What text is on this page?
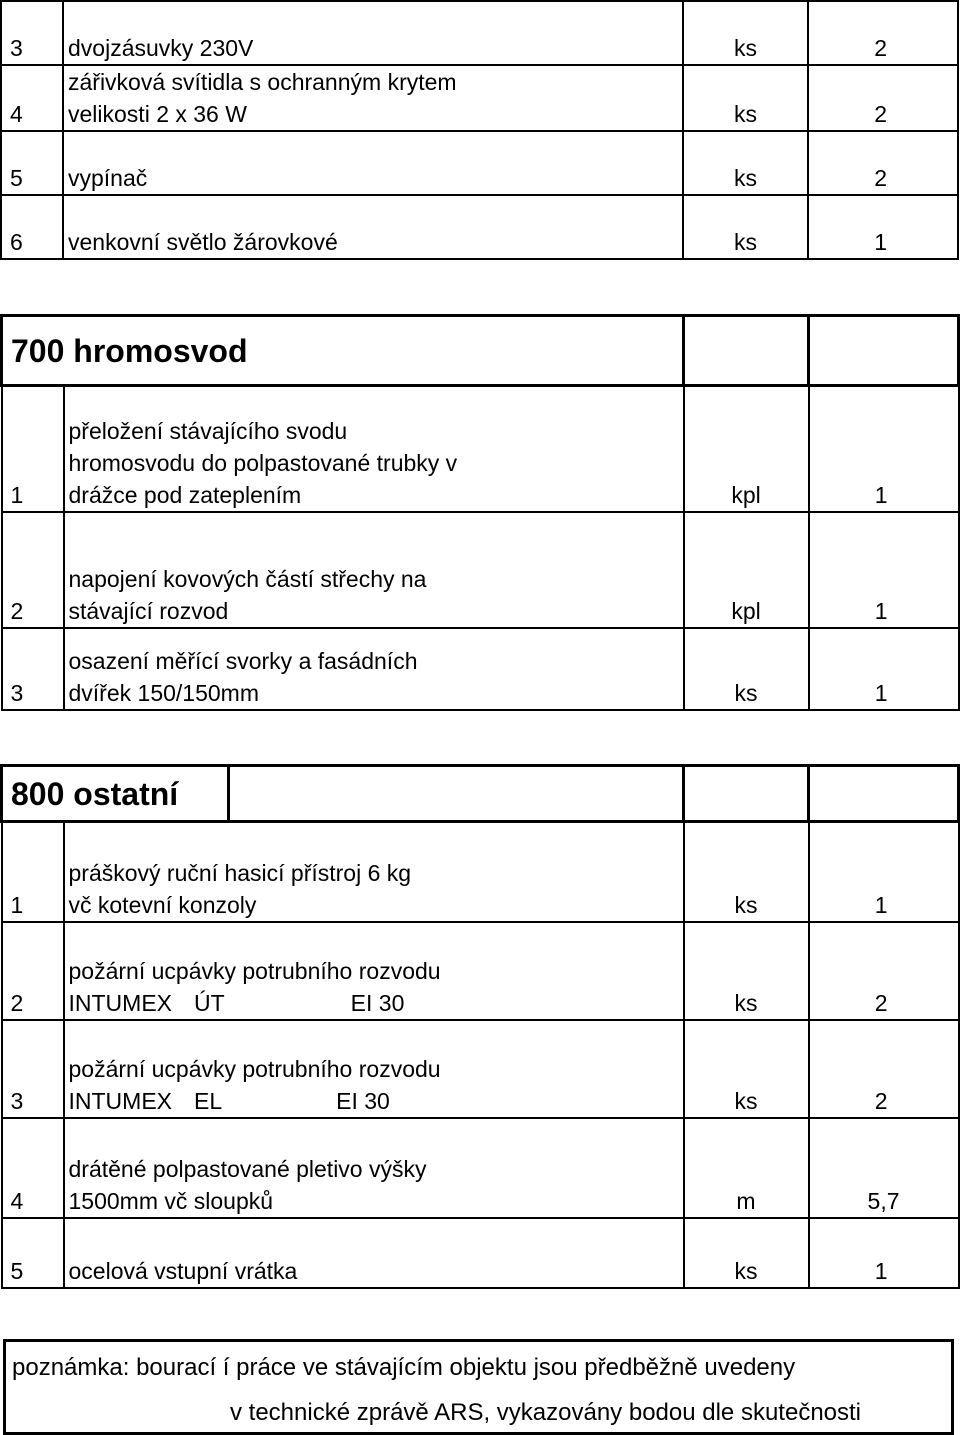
3	dvojzásuvky 230V	ks	2
4	zářivková svítidla s ochranným krytem
velikosti 2 x 36 W	ks	2
5	vypínač	ks	2
6	venkovní světlo žárovkové	ks	1
700 hromosvod			
1	přeložení stávajícího svodu
hromosvodu do polpastované trubky v
drážce pod zateplením	kpl	1
2	napojení kovových částí střechy na
stávající rozvod	kpl	1
3	osazení měřící svorky a fasádních
dvířek 150/150mm	ks	1
800 ostatní				
1	práškový ruční hasicí přístroj 6 kg
vč kotevní konzoly		ks	1
2	požární ucpávky potrubního rozvodu
INTUMEX ÚT EI 30		ks	2
3	požární ucpávky potrubního rozvodu
INTUMEX EL EI 30		ks	2
4	drátěné polpastované pletivo výšky
1500mm vč sloupků		m	5,7
5	ocelová vstupní vrátka		ks	1
poznámka: bourací í práce ve stávajícím objektu jsou předběžně uvedeny
v technické zprávě ARS, vykazovány bodou dle skutečnosti
